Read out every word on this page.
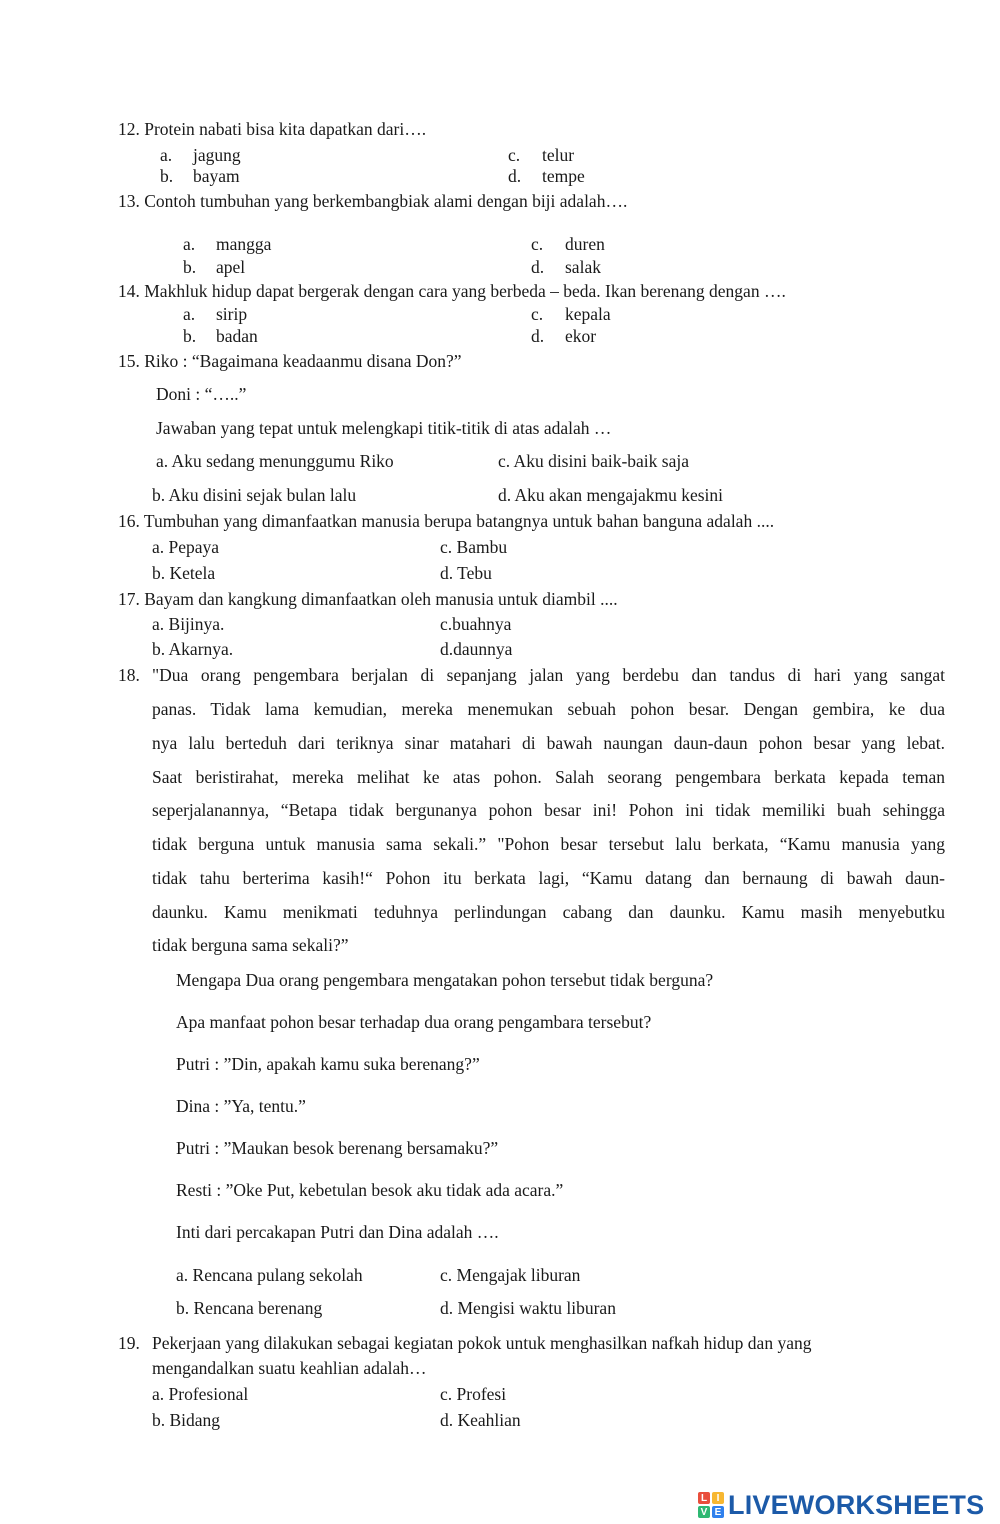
12. Protein nabati bisa kita dapatkan dari….
a. jagung
b. bayam
c. telur
d. tempe
13. Contoh tumbuhan yang berkembangbiak alami dengan biji adalah….
a. mangga
b. apel
c. duren
d. salak
14. Makhluk hidup dapat bergerak dengan cara yang berbeda – beda. Ikan berenang dengan ….
a. sirip
b. badan
c. kepala
d. ekor
15. Riko : “Bagaimana keadaanmu disana Don?”
Doni : “…..”
Jawaban yang tepat untuk melengkapi titik-titik di atas adalah …
a. Aku sedang menunggumu Riko
b. Aku disini sejak bulan lalu
c. Aku disini baik-baik saja
d. Aku akan mengajakmu kesini
16. Tumbuhan yang dimanfaatkan manusia berupa batangnya untuk bahan banguna adalah ....
a. Pepaya
b. Ketela
c. Bambu
d. Tebu
17. Bayam dan kangkung dimanfaatkan oleh manusia untuk diambil ....
a. Bijinya.
b. Akarnya.
c.buahnya
d.daunnya
18. "Dua orang pengembara berjalan di sepanjang jalan yang berdebu dan tandus di hari yang sangat
panas. Tidak lama kemudian, mereka menemukan sebuah pohon besar. Dengan gembira, ke dua
nya lalu berteduh dari teriknya sinar matahari di bawah naungan daun-daun pohon besar yang lebat.
Saat beristirahat, mereka melihat ke atas pohon. Salah seorang pengembara berkata kepada teman
seperjalanannya, “Betapa tidak bergunanya pohon besar ini! Pohon ini tidak memiliki buah sehingga
tidak berguna untuk manusia sama sekali.” "Pohon besar tersebut lalu berkata, “Kamu manusia yang
tidak tahu berterima kasih!“ Pohon itu berkata lagi, “Kamu datang dan bernaung di bawah daun-
daunku. Kamu menikmati teduhnya perlindungan cabang dan daunku. Kamu masih menyebutku
tidak berguna sama sekali?”
Mengapa Dua orang pengembara mengatakan pohon tersebut tidak berguna?
Apa manfaat pohon besar terhadap dua orang pengambara tersebut?
Putri : ”Din, apakah kamu suka berenang?”
Dina : ”Ya, tentu.”
Putri : ”Maukan besok berenang bersamaku?”
Resti : ”Oke Put, kebetulan besok aku tidak ada acara.”
Inti dari percakapan Putri dan Dina adalah ….
a. Rencana pulang sekolah
b. Rencana berenang
c. Mengajak liburan
d. Mengisi waktu liburan
19. Pekerjaan yang dilakukan sebagai kegiatan pokok untuk menghasilkan nafkah hidup dan yang
mengandalkan suatu keahlian adalah…
a. Profesional
b. Bidang
c. Profesi
d. Keahlian
L I
V E LIVEWORKSHEETS
